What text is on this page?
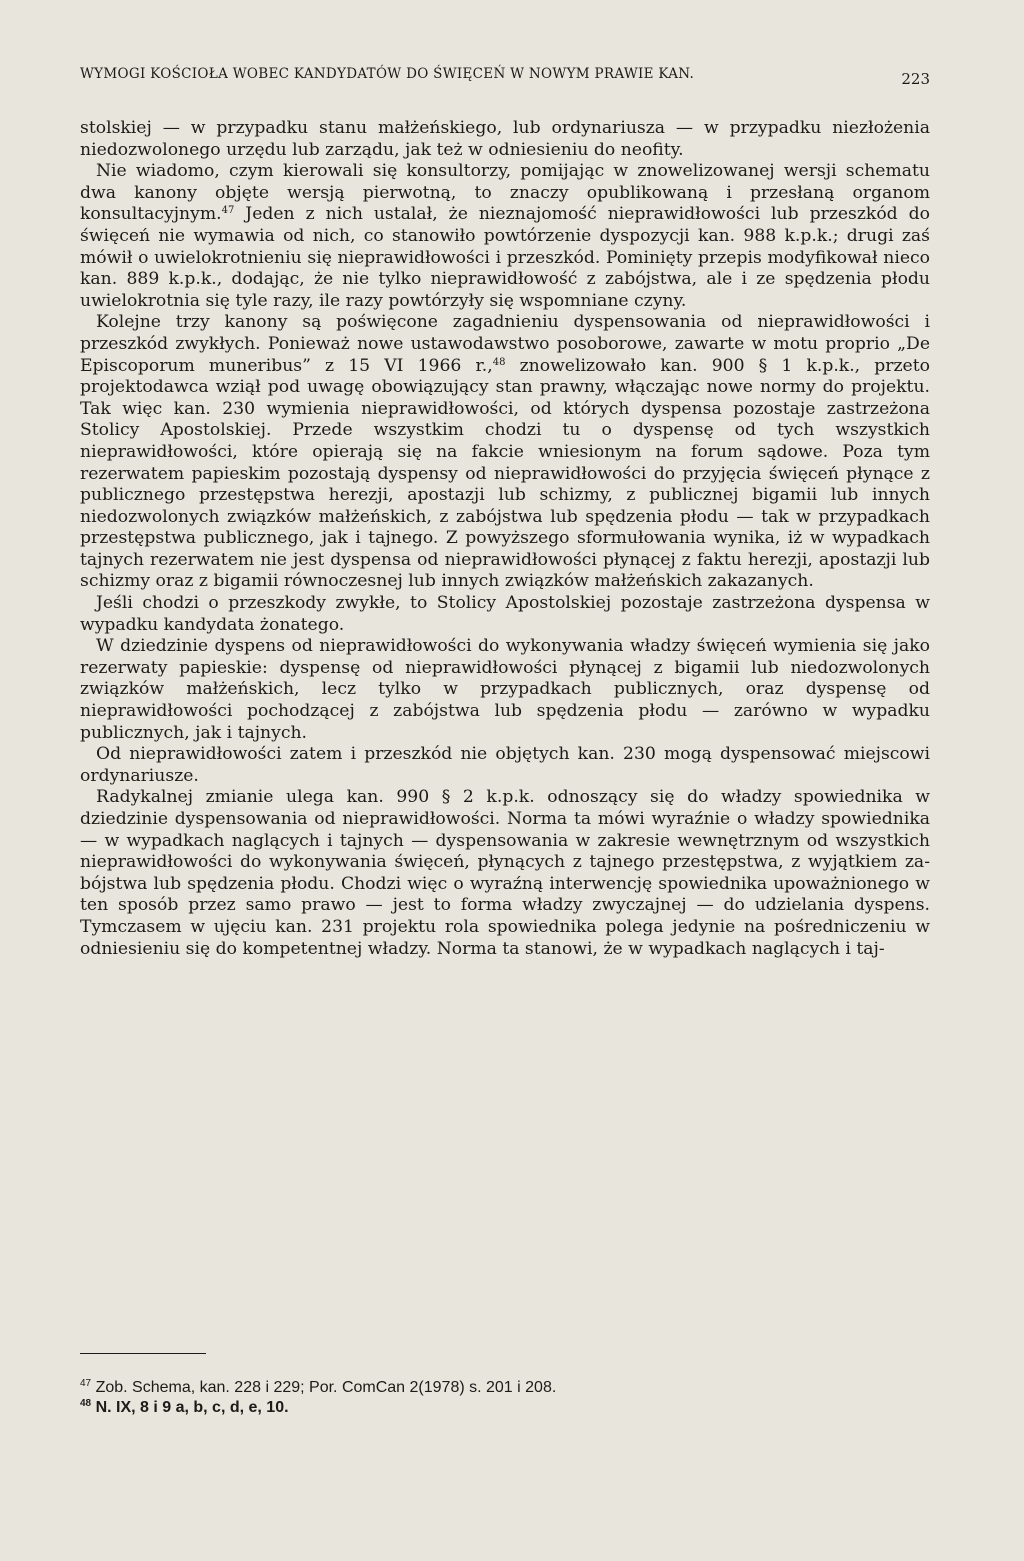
WYMOGI KOŚCIOŁA WOBEC KANDYDATÓW DO ŚWIĘCEŃ W NOWYM PRAWIE KAN.	223

stolskiej — w przypadku stanu małżeńskiego, lub ordynariusza — w przypadku niezłożenia niedozwolonego urzędu lub zarządu, jak też w odniesieniu do neofity.

Nie wiadomo, czym kierowali się konsultorzy, pomijając w znowelizowanej wersji schematu dwa kanony objęte wersją pierwotną, to znaczy opublikowaną i przesłaną organom konsultacyjnym.$^{47}$ Jeden z nich ustalał, że nieznajomość nieprawidłowości lub przeszkód do święceń nie wymawia od nich, co stanowiło powtórzenie dyspozycji kan. 988 k.p.k.; drugi zaś mówił o uwielokrotnieniu się nieprawidłowości i przeszkód. Pominięty przepis modyfikował nieco kan. 889 k.p.k., dodając, że nie tylko nieprawidłowość z zabójstwa, ale i ze spędzenia płodu uwielokrotnia się tyle razy, ile razy powtórzyły się wspomniane czyny.

Kolejne trzy kanony są poświęcone zagadnieniu dyspensowania od nieprawidłowości i przeszkód zwykłych. Ponieważ nowe ustawodawstwo posoborowe, zawarte w motu proprio „De Episcoporum muneribus” z 15 VI 1966 r.,$^{48}$ znowelizowało kan. 900 § 1 k.p.k., przeto projektodawca wziął pod uwagę obowiązujący stan prawny, włączając nowe normy do projektu. Tak więc kan. 230 wymienia nieprawidłowości, od których dyspensa pozostaje zastrzeżona Stolicy Apostolskiej. Przede wszystkim chodzi tu o dyspensę od tych wszystkich nieprawidłowości, które opierają się na fakcie wniesionym na forum sądowe. Poza tym rezerwatem papieskim pozostają dyspensy od nieprawidłowości do przyjęcia święceń płynące z publicznego przestępstwa herezji, apostazji lub schizmy, z publicznej bigamii lub innych niedozwolonych związków małżeńskich, z zabójstwa lub spędzenia płodu — tak w przypadkach przestępstwa publicznego, jak i tajnego. Z powyższego sformułowania wynika, iż w wypadkach tajnych rezerwatem nie jest dyspensa od nieprawidłowości płynącej z faktu herezji, apostazji lub schizmy oraz z bigamii równoczesnej lub innych związków małżeńskich zakazanych.

Jeśli chodzi o przeszkody zwykłe, to Stolicy Apostolskiej pozostaje zastrzeżona dyspensa w wypadku kandydata żonatego.

W dziedzinie dyspens od nieprawidłowości do wykonywania władzy święceń wymienia się jako rezerwaty papieskie: dyspensę od nieprawidłowości płynącej z bigamii lub niedozwolonych związków małżeńskich, lecz tylko w przypadkach publicznych, oraz dyspensę od nieprawidłowości pochodzącej z zabójstwa lub spędzenia płodu — zarówno w wypadku publicznych, jak i tajnych.

Od nieprawidłowości zatem i przeszkód nie objętych kan. 230 mogą dyspensować miejscowi ordynariusze.

Radykalnej zmianie ulega kan. 990 § 2 k.p.k. odnoszący się do władzy spowiednika w dziedzinie dyspensowania od nieprawidłowości. Norma ta mówi wyraźnie o władzy spowiednika — w wypadkach naglących i tajnych — dyspensowania w zakresie wewnętrznym od wszystkich nieprawidłowości do wykonywania święceń, płynących z tajnego przestępstwa, z wyjątkiem zabójstwa lub spędzenia płodu. Chodzi więc o wyraźną interwencję spowiednika upoważnionego w ten sposób przez samo prawo — jest to forma władzy zwyczajnej — do udzielania dyspens. Tymczasem w ujęciu kan. 231 projektu rola spowiednika polega jedynie na pośredniczeniu w odniesieniu się do kompetentnej władzy. Norma ta stanowi, że w wypadkach naglących i taj-

$^{47}$ Zob. Schema, kan. 228 i 229; Por. ComCan 2(1978) s. 201 i 208.
$^{48}$ N. IX, 8 i 9 a, b, c, d, e, 10.
